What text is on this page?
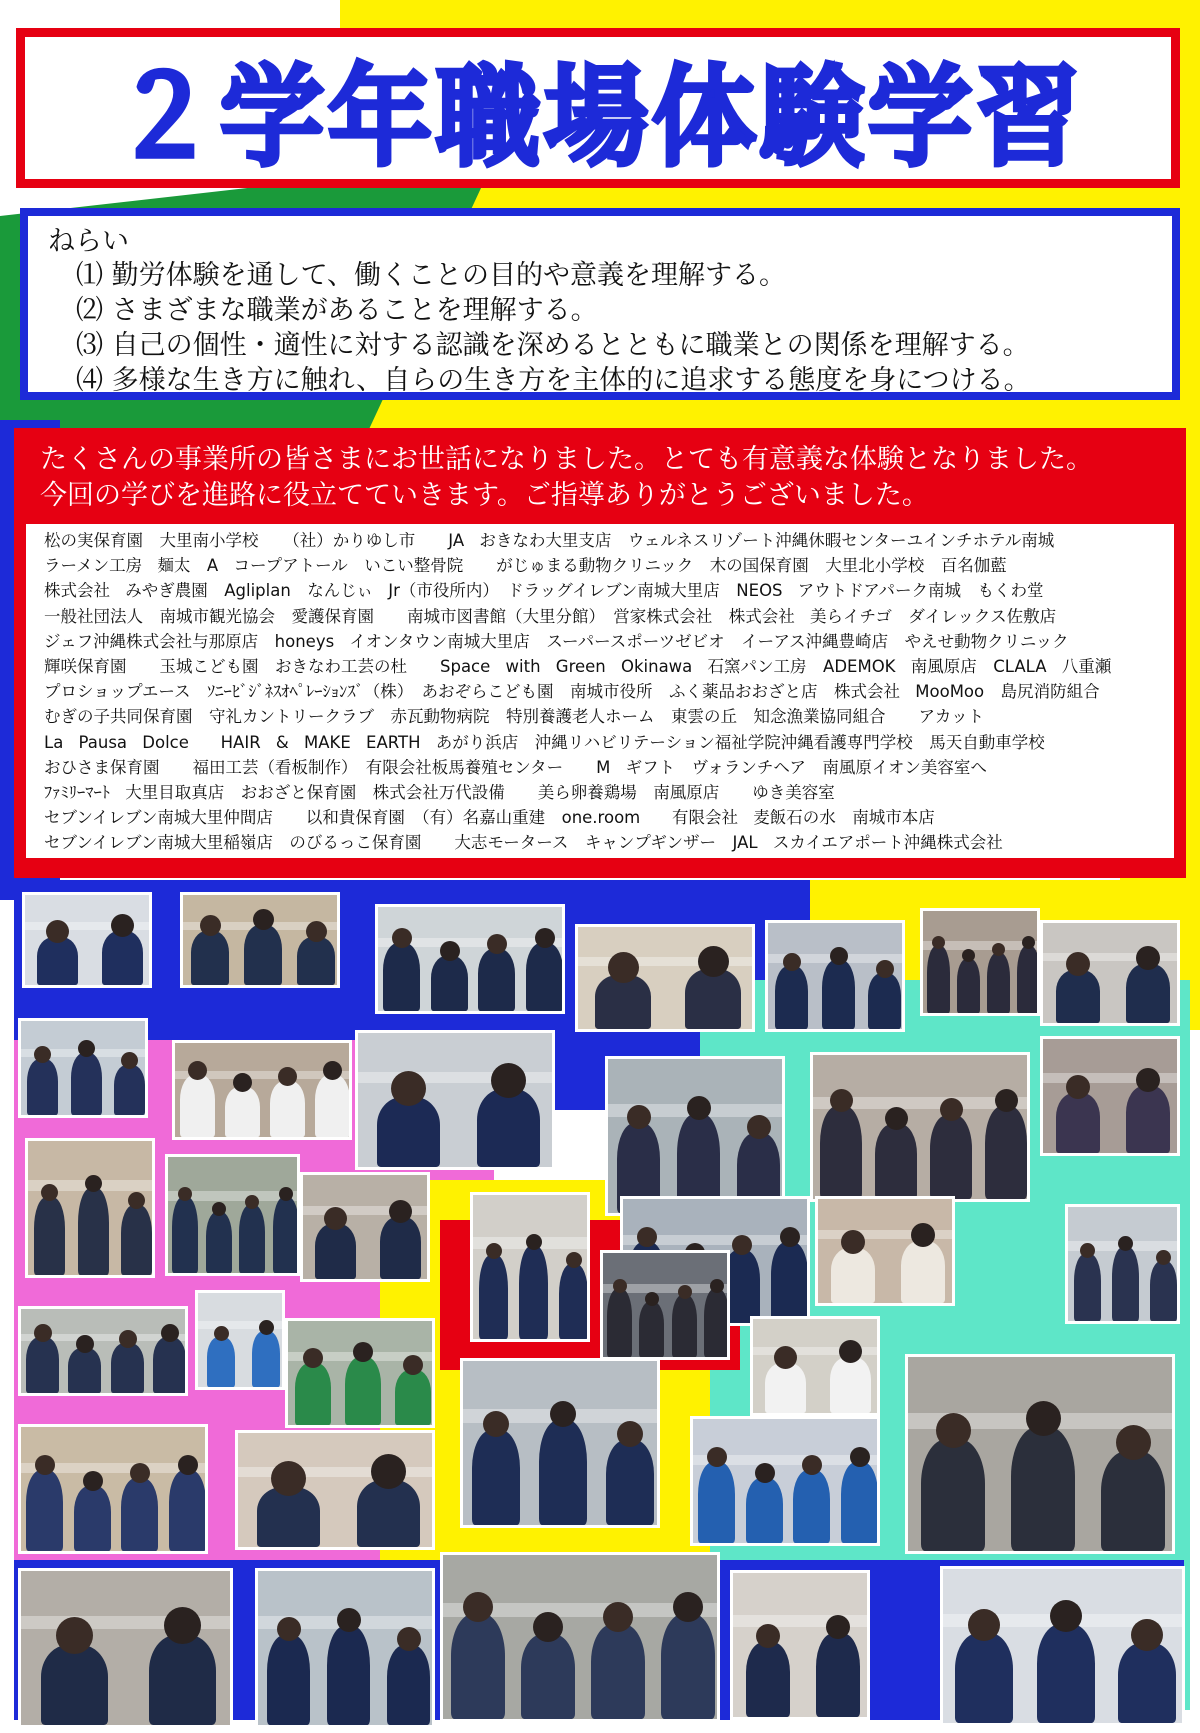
２学年職場体験学習

ねらい

⑴ 勤労体験を通して、働くことの目的や意義を理解する。
⑵ さまざまな職業があることを理解する。
⑶ 自己の個性・適性に対する認識を深めるとともに職業との関係を理解する。
⑷ 多様な生き方に触れ、自らの生き方を主体的に追求する態度を身につける。

たくさんの事業所の皆さまにお世話になりました。とても有意義な体験となりました。

今回の学びを進路に役立てていきます。ご指導ありがとうございました。

松の実保育園　大里南小学校　　（社）かりゆし市　　JA おきなわ大里支店　ウェルネスリゾート沖縄休暇センターユインチホテル南城
ラーメン工房 麺太　A コープアトール　いこい整骨院　　がじゅまる動物クリニック　木の国保育園　大里北小学校　百名伽藍
株式会社 みやぎ農園　Agliplan　なんじぃ Jr（市役所内）　ドラッグイレブン南城大里店　NEOS アウトドアパーク南城　もくわ堂
一般社団法人　南城市観光協会　愛護保育園　　南城市図書館（大里分館）　営家株式会社　株式会社 美らイチゴ　ダイレックス佐敷店
ジェフ沖縄株式会社与那原店　honeys イオンタウン南城大里店　スーパースポーツゼビオ　イーアス沖縄豊崎店　やえせ動物クリニック
輝咲保育園　　玉城こども園　おきなわ工芸の杜　　Space with Green Okinawa 石窯パン工房　ADEMOK 南風原店　CLALA 八重瀬
プロショップエース　ｿﾆｰﾋﾞｼﾞﾈｽｵﾍﾟﾚｰｼｮﾝｽﾞ（株）　あおぞらこども園　南城市役所　ふく薬品おおざと店　株式会社 MooMoo　島尻消防組合
むぎの子共同保育園　守礼カントリークラブ　赤瓦動物病院　特別養護老人ホーム　東雲の丘　知念漁業協同組合　　アカット
La Pausa Dolce　 HAIR & MAKE EARTH あがり浜店　沖縄リハビリテーション福祉学院沖縄看護専門学校　馬天自動車学校
おひさま保育園　　福田工芸（看板制作）　有限会社板馬養殖センター　　M ギフト　ヴォランチヘア　南風原イオン美容室へ
ﾌｧﾐﾘｰﾏｰﾄ 大里目取真店　おおざと保育園　株式会社万代設備　　美ら卵養鶏場　南風原店　　ゆき美容室
セブンイレブン南城大里仲間店　　以和貴保育園　（有）名嘉山重建　one.room　 有限会社 麦飯石の水　南城市本店
セブンイレブン南城大里稲嶺店　のびるっこ保育園　　大志モータース　キャンプギンザー　JAL スカイエアポート沖縄株式会社
